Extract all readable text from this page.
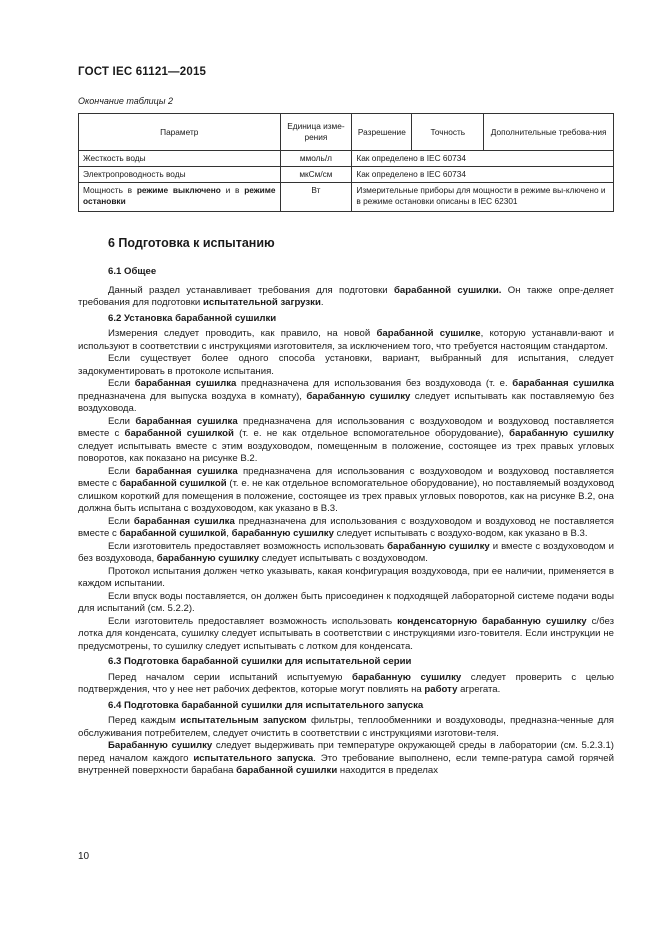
ГОСТ IEC 61121—2015
Окончание таблицы 2
Параметр	Единица изме-рения	Разрешение	Точность	Дополнительные требова-ния
Жесткость воды	ммоль/л	Как определено в IEC 60734		
Электропроводность воды	мкСм/см	Как определено в IEC 60734		
Мощность в режиме выключено и в режиме остановки	Вт	Измерительные приборы для мощности в режиме вы-ключено и в режиме остановки описаны в IEC 62301		
6 Подготовка к испытанию
6.1 Общее

Данный раздел устанавливает требования для подготовки барабанной сушилки. Он также опре-деляет требования для подготовки испытательной загрузки.

6.2 Установка барабанной сушилки

Измерения следует проводить, как правило, на новой барабанной сушилке, которую устанавли-вают и используют в соответствии с инструкциями изготовителя, за исключением того, что требуется настоящим стандартом.

Если существует более одного способа установки, вариант, выбранный для испытания, следует задокументировать в протоколе испытания.

Если барабанная сушилка предназначена для использования без воздуховода (т. е. барабанная сушилка предназначена для выпуска воздуха в комнату), барабанную сушилку следует испытывать как поставляемую без воздуховода.

Если барабанная сушилка предназначена для использования с воздуховодом и воздуховод поставляется вместе с барабанной сушилкой (т. е. не как отдельное вспомогательное оборудование), барабанную сушилку следует испытывать вместе с этим воздуховодом, помещенным в положение, состоящее из трех правых угловых поворотов, как показано на рисунке В.2.

Если барабанная сушилка предназначена для использования с воздуховодом и воздуховод поставляется вместе с барабанной сушилкой (т. е. не как отдельное вспомогательное оборудование), но поставляемый воздуховод слишком короткий для помещения в положение, состоящее из трех правых угловых поворотов, как на рисунке В.2, она должна быть испытана с воздуховодом, как указано в В.3.

Если барабанная сушилка предназначена для использования с воздуховодом и воздуховод не поставляется вместе с барабанной сушилкой, барабанную сушилку следует испытывать с воздухо-водом, как указано в В.3.

Если изготовитель предоставляет возможность использовать барабанную сушилку и вместе с воздуховодом и без воздуховода, барабанную сушилку следует испытывать с воздуховодом.

Протокол испытания должен четко указывать, какая конфигурация воздуховода, при ее наличии, применяется в каждом испытании.

Если впуск воды поставляется, он должен быть присоединен к подходящей лабораторной системе подачи воды для испытаний (см. 5.2.2).

Если изготовитель предоставляет возможность использовать конденсаторную барабанную сушилку с/без лотка для конденсата, сушилку следует испытывать в соответствии с инструкциями изго-товителя. Если инструкции не предусмотрены, то сушилку следует испытывать с лотком для конденсата.

6.3 Подготовка барабанной сушилки для испытательной серии

Перед началом серии испытаний испытуемую барабанную сушилку следует проверить с целью подтверждения, что у нее нет рабочих дефектов, которые могут повлиять на работу агрегата.

6.4 Подготовка барабанной сушилки для испытательного запуска

Перед каждым испытательным запуском фильтры, теплообменники и воздуховоды, предназна-ченные для обслуживания потребителем, следует очистить в соответствии с инструкциями изготови-теля.

Барабанную сушилку следует выдерживать при температуре окружающей среды в лаборатории (см. 5.2.3.1) перед началом каждого испытательного запуска. Это требование выполнено, если темпе-ратура самой горячей внутренней поверхности барабана барабанной сушилки находится в пределах

10
